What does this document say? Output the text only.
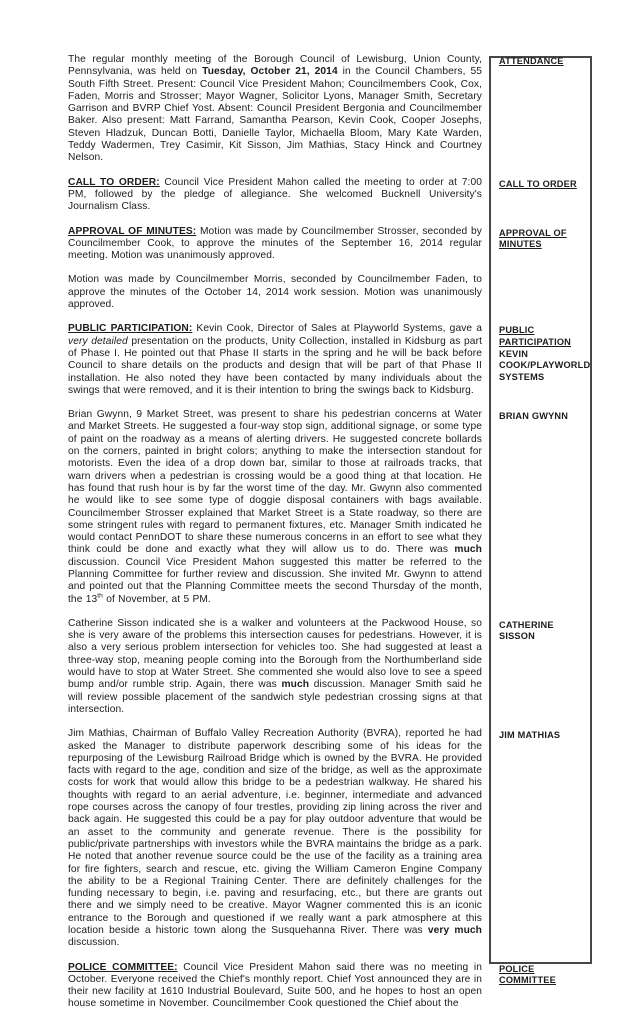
The regular monthly meeting of the Borough Council of Lewisburg, Union County, Pennsylvania, was held on Tuesday, October 21, 2014 in the Council Chambers, 55 South Fifth Street. Present: Council Vice President Mahon; Councilmembers Cook, Cox, Faden, Morris and Strosser; Mayor Wagner, Solicitor Lyons, Manager Smith, Secretary Garrison and BVRP Chief Yost. Absent: Council President Bergonia and Councilmember Baker. Also present: Matt Farrand, Samantha Pearson, Kevin Cook, Cooper Josephs, Steven Hladzuk, Duncan Botti, Danielle Taylor, Michaella Bloom, Mary Kate Warden, Teddy Wadermen, Trey Casimir, Kit Sisson, Jim Mathias, Stacy Hinck and Courtney Nelson.
ATTENDANCE
CALL TO ORDER: Council Vice President Mahon called the meeting to order at 7:00 PM, followed by the pledge of allegiance. She welcomed Bucknell University's Journalism Class.
CALL TO ORDER
APPROVAL OF MINUTES: Motion was made by Councilmember Strosser, seconded by Councilmember Cook, to approve the minutes of the September 16, 2014 regular meeting. Motion was unanimously approved.
APPROVAL OF
MINUTES
Motion was made by Councilmember Morris, seconded by Councilmember Faden, to approve the minutes of the October 14, 2014 work session. Motion was unanimously approved.
PUBLIC PARTICIPATION: Kevin Cook, Director of Sales at Playworld Systems, gave a very detailed presentation on the products, Unity Collection, installed in Kidsburg as part of Phase I. He pointed out that Phase II starts in the spring and he will be back before Council to share details on the products and design that will be part of that Phase II installation. He also noted they have been contacted by many individuals about the swings that were removed, and it is their intention to bring the swings back to Kidsburg.
PUBLIC
PARTICIPATION
KEVIN
COOK/PLAYWORLD
SYSTEMS
Brian Gwynn, 9 Market Street, was present to share his pedestrian concerns at Water and Market Streets. He suggested a four-way stop sign, additional signage, or some type of paint on the roadway as a means of alerting drivers. He suggested concrete bollards on the corners, painted in bright colors; anything to make the intersection standout for motorists. Even the idea of a drop down bar, similar to those at railroads tracks, that warn drivers when a pedestrian is crossing would be a good thing at that location. He has found that rush hour is by far the worst time of the day. Mr. Gwynn also commented he would like to see some type of doggie disposal containers with bags available. Councilmember Strosser explained that Market Street is a State roadway, so there are some stringent rules with regard to permanent fixtures, etc. Manager Smith indicated he would contact PennDOT to share these numerous concerns in an effort to see what they think could be done and exactly what they will allow us to do. There was much discussion. Council Vice President Mahon suggested this matter be referred to the Planning Committee for further review and discussion. She invited Mr. Gwynn to attend and pointed out that the Planning Committee meets the second Thursday of the month, the 13th of November, at 5 PM.
BRIAN GWYNN
Catherine Sisson indicated she is a walker and volunteers at the Packwood House, so she is very aware of the problems this intersection causes for pedestrians. However, it is also a very serious problem intersection for vehicles too. She had suggested at least a three-way stop, meaning people coming into the Borough from the Northumberland side would have to stop at Water Street. She commented she would also love to see a speed bump and/or rumble strip. Again, there was much discussion. Manager Smith said he will review possible placement of the sandwich style pedestrian crossing signs at that intersection.
CATHERINE SISSON
Jim Mathias, Chairman of Buffalo Valley Recreation Authority (BVRA), reported he had asked the Manager to distribute paperwork describing some of his ideas for the repurposing of the Lewisburg Railroad Bridge which is owned by the BVRA. He provided facts with regard to the age, condition and size of the bridge, as well as the approximate costs for work that would allow this bridge to be a pedestrian walkway. He shared his thoughts with regard to an aerial adventure, i.e. beginner, intermediate and advanced rope courses across the canopy of four trestles, providing zip lining across the river and back again. He suggested this could be a pay for play outdoor adventure that would be an asset to the community and generate revenue. There is the possibility for public/private partnerships with investors while the BVRA maintains the bridge as a park. He noted that another revenue source could be the use of the facility as a training area for fire fighters, search and rescue, etc. giving the William Cameron Engine Company the ability to be a Regional Training Center. There are definitely challenges for the funding necessary to begin, i.e. paving and resurfacing, etc., but there are grants out there and we simply need to be creative. Mayor Wagner commented this is an iconic entrance to the Borough and questioned if we really want a park atmosphere at this location beside a historic town along the Susquehanna River. There was very much discussion.
JIM MATHIAS
POLICE COMMITTEE: Council Vice President Mahon said there was no meeting in October. Everyone received the Chief's monthly report. Chief Yost announced they are in their new facility at 1610 Industrial Boulevard, Suite 500, and he hopes to host an open house sometime in November. Councilmember Cook questioned the Chief about the
POLICE COMMITTEE
